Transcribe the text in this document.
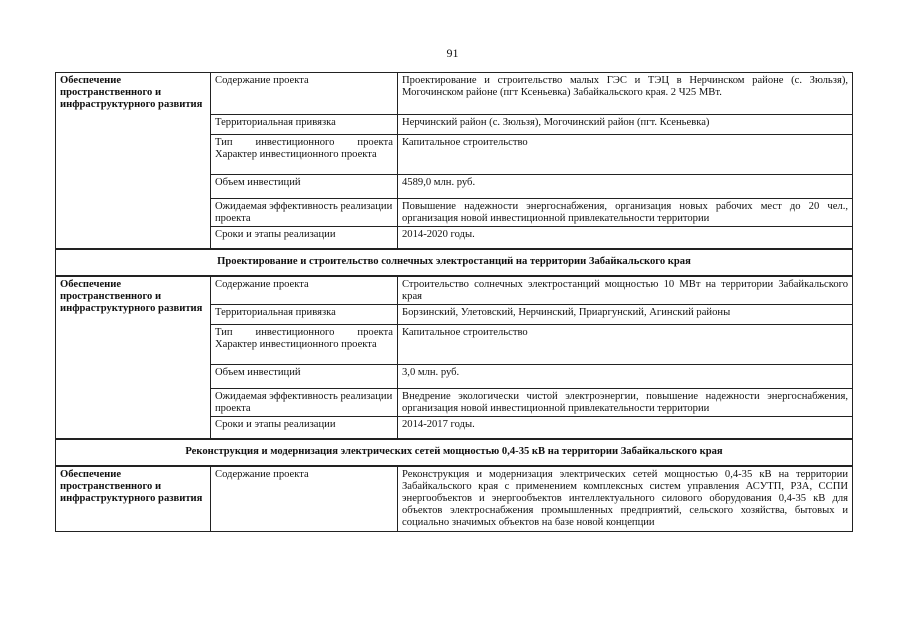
91
Обеспечение пространственного и инфраструктурного развития	Содержание проекта	Проектирование и строительство малых ГЭС и ТЭЦ в Нерчинском районе (с. Зюльзя), Могочинском районе (пгт Ксеньевка) Забайкальского края. 2 Ч25 МВт.
	Территориальная привязка	Нерчинский район (с. Зюльзя), Могочинский район (пгт. Ксеньевка)
	Тип инвестиционного проекта Характер инвестиционного проекта	Капитальное строительство
	Объем инвестиций	4589,0 млн. руб.
	Ожидаемая эффективность реализации проекта	Повышение надежности энергоснабжения, организация новых рабочих мест до 20 чел., организация новой инвестиционной привлекательности территории
	Сроки и этапы реализации	2014-2020 годы.
Проектирование и строительство солнечных электростанций на территории Забайкальского края		
Обеспечение пространственного и инфраструктурного развития	Содержание проекта	Строительство солнечных электростанций мощностью 10 МВт на территории Забайкальского края
	Территориальная привязка	Борзинский, Улетовский, Нерчинский, Приаргунский, Агинский районы
	Тип инвестиционного проекта Характер инвестиционного проекта	Капитальное строительство
	Объем инвестиций	3,0 млн. руб.
	Ожидаемая эффективность реализации проекта	Внедрение экологически чистой электроэнергии, повышение надежности энергоснабжения, организация новой инвестиционной привлекательности территории
	Сроки и этапы реализации	2014-2017 годы.
Реконструкция и модернизация электрических сетей мощностью 0,4-35 кВ на территории Забайкальского края		
Обеспечение пространственного и инфраструктурного развития	Содержание проекта	Реконструкция и модернизация электрических сетей мощностью 0,4-35 кВ на территории Забайкальского края с применением комплексных систем управления АСУТП, РЗА, ССПИ энергообъектов и энергообъектов интеллектуального силового оборудования 0,4-35 кВ для объектов электроснабжения промышленных предприятий, сельского хозяйства, бытовых и социально значимых объектов на базе новой концепции
